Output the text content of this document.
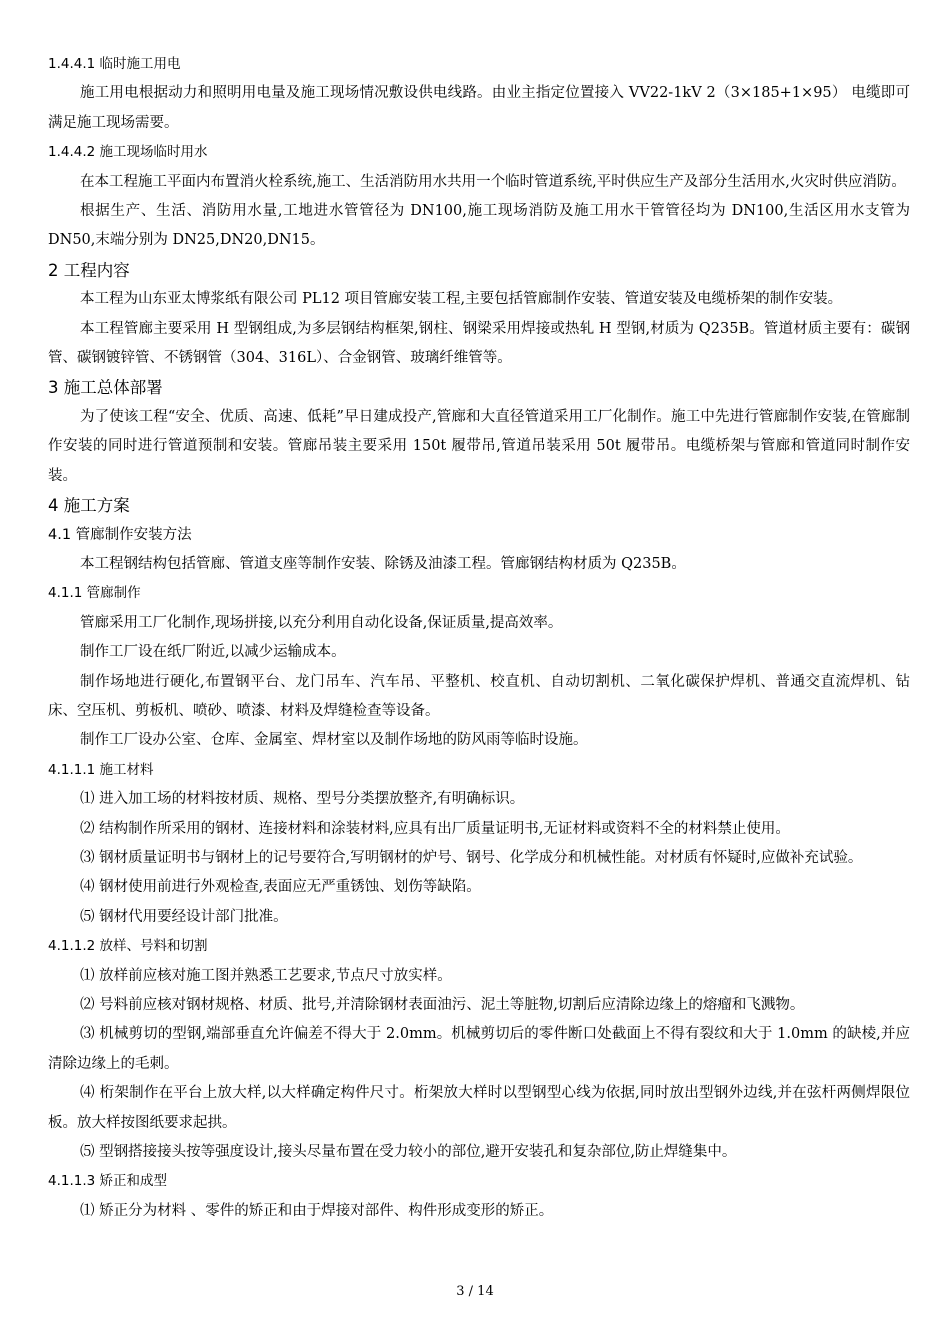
1.4.4.1 临时施工用电

施工用电根据动力和照明用电量及施工现场情况敷设供电线路。由业主指定位置接入 VV22-1kV 2（3×185+1×95） 电缆即可满足施工现场需要。

1.4.4.2 施工现场临时用水

在本工程施工平面内布置消火栓系统,施工、生活消防用水共用一个临时管道系统,平时供应生产及部分生活用水,火灾时供应消防。

根据生产、生活、消防用水量,工地进水管管径为 DN100,施工现场消防及施工用水干管管径均为 DN100,生活区用水支管为 DN50,末端分别为 DN25,DN20,DN15。

2 工程内容

本工程为山东亚太博浆纸有限公司 PL12 项目管廊安装工程,主要包括管廊制作安装、管道安装及电缆桥架的制作安装。

本工程管廊主要采用 H 型钢组成,为多层钢结构框架,钢柱、钢梁采用焊接或热轧 H 型钢,材质为 Q235B。管道材质主要有：碳钢管、碳钢镀锌管、不锈钢管（304、316L）、合金钢管、玻璃纤维管等。

3 施工总体部署

为了使该工程“安全、优质、高速、低耗”早日建成投产,管廊和大直径管道采用工厂化制作。施工中先进行管廊制作安装,在管廊制作安装的同时进行管道预制和安装。管廊吊装主要采用 150t 履带吊,管道吊装采用 50t 履带吊。电缆桥架与管廊和管道同时制作安装。

4 施工方案

4.1 管廊制作安装方法

本工程钢结构包括管廊、管道支座等制作安装、除锈及油漆工程。管廊钢结构材质为 Q235B。

4.1.1 管廊制作

管廊采用工厂化制作,现场拼接,以充分利用自动化设备,保证质量,提高效率。

制作工厂设在纸厂附近,以减少运输成本。

制作场地进行硬化,布置钢平台、龙门吊车、汽车吊、平整机、校直机、自动切割机、二氧化碳保护焊机、普通交直流焊机、钻床、空压机、剪板机、喷砂、喷漆、材料及焊缝检查等设备。

制作工厂设办公室、仓库、金属室、焊材室以及制作场地的防风雨等临时设施。

4.1.1.1 施工材料

⑴ 进入加工场的材料按材质、规格、型号分类摆放整齐,有明确标识。

⑵ 结构制作所采用的钢材、连接材料和涂装材料,应具有出厂质量证明书,无证材料或资料不全的材料禁止使用。

⑶ 钢材质量证明书与钢材上的记号要符合,写明钢材的炉号、钢号、化学成分和机械性能。对材质有怀疑时,应做补充试验。

⑷ 钢材使用前进行外观检查,表面应无严重锈蚀、划伤等缺陷。

⑸ 钢材代用要经设计部门批准。

4.1.1.2 放样、号料和切割

⑴ 放样前应核对施工图并熟悉工艺要求,节点尺寸放实样。

⑵ 号料前应核对钢材规格、材质、批号,并清除钢材表面油污、泥土等脏物,切割后应清除边缘上的熔瘤和飞溅物。

⑶ 机械剪切的型钢,端部垂直允许偏差不得大于 2.0mm。机械剪切后的零件断口处截面上不得有裂纹和大于 1.0mm 的缺棱,并应清除边缘上的毛刺。

⑷ 桁架制作在平台上放大样,以大样确定构件尺寸。桁架放大样时以型钢型心线为依据,同时放出型钢外边线,并在弦杆两侧焊限位板。放大样按图纸要求起拱。

⑸ 型钢搭接接头按等强度设计,接头尽量布置在受力较小的部位,避开安装孔和复杂部位,防止焊缝集中。

4.1.1.3 矫正和成型

⑴ 矫正分为材料 、零件的矫正和由于焊接对部件、构件形成变形的矫正。

3 / 14
